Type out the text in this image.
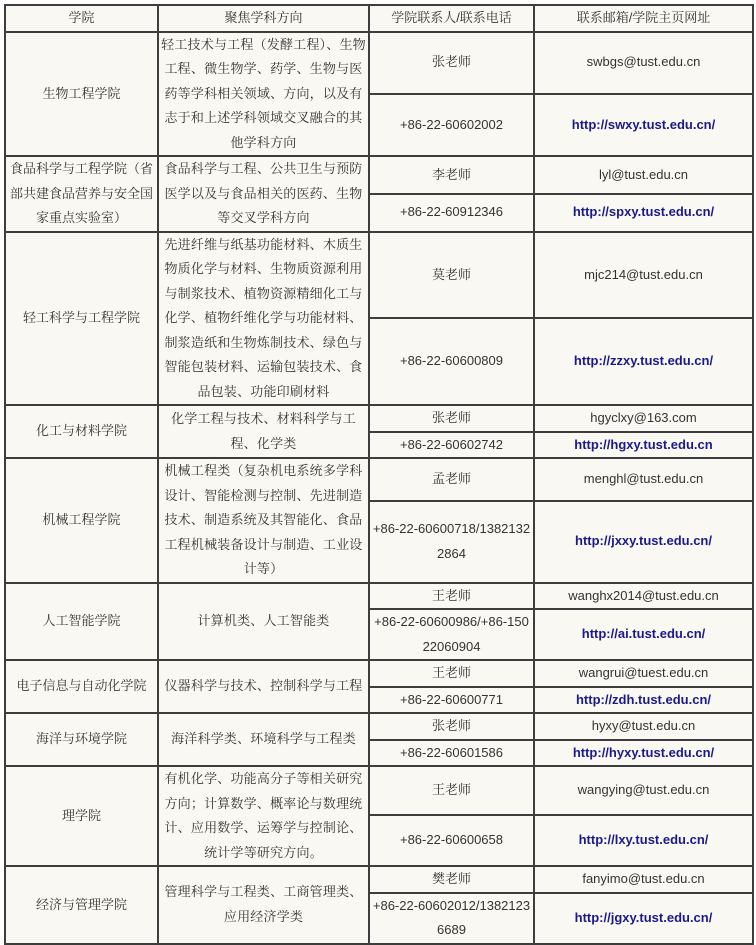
学院	聚焦学科方向	学院联系人/联系电话	联系邮箱/学院主页网址
生物工程学院	轻工技术与工程（发酵工程）、生物工程、微生物学、药学、生物与医药等学科相关领域、方向，以及有志于和上述学科领域交叉融合的其他学科方向	张老师	swbgs@tust.edu.cn
		+86-22-60602002	http://swxy.tust.edu.cn/
食品科学与工程学院（省部共建食品营养与安全国家重点实验室）	食品科学与工程、公共卫生与预防医学以及与食品相关的医药、生物等交叉学科方向	李老师	lyl@tust.edu.cn
		+86-22-60912346	http://spxy.tust.edu.cn/
轻工科学与工程学院	先进纤维与纸基功能材料、木质生物质化学与材料、生物质资源利用与制浆技术、植物资源精细化工与化学、植物纤维化学与功能材料、制浆造纸和生物炼制技术、绿色与智能包装材料、运输包装技术、食品包装、功能印刷材料	莫老师	mjc214@tust.edu.cn
		+86-22-60600809	http://zzxy.tust.edu.cn/
化工与材料学院	化学工程与技术、材料科学与工程、化学类	张老师	hgyclxy@163.com
		+86-22-60602742	http://hgxy.tust.edu.cn
机械工程学院	机械工程类（复杂机电系统多学科设计、智能检测与控制、先进制造技术、制造系统及其智能化、食品工程机械装备设计与制造、工业设计等）	孟老师	menghl@tust.edu.cn
		+86-22-60600718/13821322864	http://jxxy.tust.edu.cn/
人工智能学院	计算机类、人工智能类	王老师	wanghx2014@tust.edu.cn
		+86-22-60600986/+86-15022060904	http://ai.tust.edu.cn/
电子信息与自动化学院	仪器科学与技术、控制科学与工程	王老师	wangrui@tuest.edu.cn
		+86-22-60600771	http://zdh.tust.edu.cn/
海洋与环境学院	海洋科学类、环境科学与工程类	张老师	hyxy@tust.edu.cn
		+86-22-60601586	http://hyxy.tust.edu.cn/
理学院	有机化学、功能高分子等相关研究方向；计算数学、概率论与数理统计、应用数学、运筹学与控制论、统计学等研究方向。	王老师	wangying@tust.edu.cn
		+86-22-60600658	http://lxy.tust.edu.cn/
经济与管理学院	管理科学与工程类、工商管理类、应用经济学类	樊老师	fanyimo@tust.edu.cn
		+86-22-60602012/13821236689	http://jgxy.tust.edu.cn/
